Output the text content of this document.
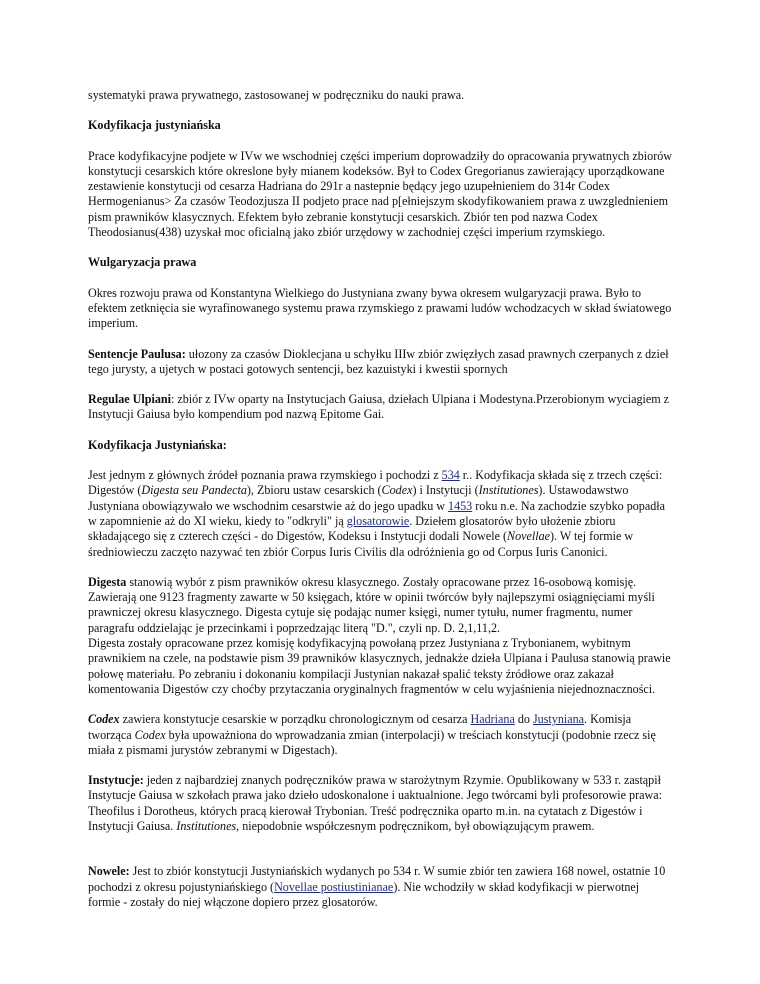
systematyki prawa prywatnego, zastosowanej w podręczniku do nauki prawa.

Kodyfikacja justyniańska

Prace kodyfikacyjne podjete w IVw we wschodniej części imperium doprowadziły do opracowania prywatnych zbiorów konstytucji cesarskich które okreslone były mianem kodeksów. Był to Codex Gregorianus zawierający uporządkowane zestawienie konstytucji od cesarza Hadriana do 291r a nastepnie będący jego uzupełnieniem do 314r Codex Hermogenianus> Za czasów Teodozjusza II podjeto prace nad p[ełniejszym skodyfikowaniem prawa z uwzglednieniem pism prawników klasycznych. Efektem było zebranie konstytucji cesarskich. Zbiór ten pod nazwa Codex Theodosianus(438) uzyskał moc oficialną jako zbiór urzędowy w zachodniej części imperium rzymskiego.

Wulgaryzacja prawa

Okres rozwoju prawa od Konstantyna Wielkiego do Justyniana zwany bywa okresem wulgaryzacji prawa. Było to efektem zetknięcia sie wyrafinowanego systemu prawa rzymskiego z prawami ludów wchodzacych w skład światowego imperium.

Sentencje Paulusa: ułozony za czasów Dioklecjana u schyłku IIIw zbiór zwięzłych zasad prawnych czerpanych z dzieł tego jurysty, a ujetych w postaci gotowych sentencji, bez kazuistyki i kwestii spornych

Regulae Ulpiani: zbiór z IVw oparty na Instytucjach Gaiusa, dziełach Ulpiana i Modestyna.Przerobionym wyciagiem z Instytucji Gaiusa było kompendium pod nazwą Epitome Gai.

Kodyfikacja Justyniańska:

Jest jednym z głównych źródeł poznania prawa rzymskiego i pochodzi z 534 r.. Kodyfikacja składa się z trzech części: Digestów (Digesta seu Pandecta), Zbioru ustaw cesarskich (Codex) i Instytucji (Institutiones). Ustawodawstwo Justyniana obowiązywało we wschodnim cesarstwie aż do jego upadku w 1453 roku n.e. Na zachodzie szybko popadła w zapomnienie aż do XI wieku, kiedy to "odkryli" ją glosatorowie. Dziełem glosatorów było ułożenie zbioru składającego się z czterech części - do Digestów, Kodeksu i Instytucji dodali Nowele (Novellae). W tej formie w średniowieczu zaczęto nazywać ten zbiór Corpus Iuris Civilis dla odróżnienia go od Corpus Iuris Canonici.

Digesta stanowią wybór z pism prawników okresu klasycznego. Zostały opracowane przez 16-osobową komisję. Zawierają one 9123 fragmenty zawarte w 50 księgach, które w opinii twórców były najlepszymi osiągnięciami myśli prawniczej okresu klasycznego. Digesta cytuje się podając numer księgi, numer tytułu, numer fragmentu, numer paragrafu oddzielając je przecinkami i poprzedzając literą "D.", czyli np. D. 2,1,11,2.

Digesta zostały opracowane przez komisję kodyfikacyjną powołaną przez Justyniana z Trybonianem, wybitnym prawnikiem na czele, na podstawie pism 39 prawników klasycznych, jednakże dzieła Ulpiana i Paulusa stanowią prawie połowę materiału. Po zebraniu i dokonaniu kompilacji Justynian nakazał spalić teksty źródłowe oraz zakazał komentowania Digestów czy choćby przytaczania oryginalnych fragmentów w celu wyjaśnienia niejednoznaczności.

Codex zawiera konstytucje cesarskie w porządku chronologicznym od cesarza Hadriana do Justyniana. Komisja tworząca Codex była upoważniona do wprowadzania zmian (interpolacji) w treściach konstytucji (podobnie rzecz się miała z pismami jurystów zebranymi w Digestach).

Instytucje: jeden z najbardziej znanych podręczników prawa w starożytnym Rzymie. Opublikowany w 533 r. zastąpił Instytucje Gaiusa w szkołach prawa jako dzieło udoskonalone i uaktualnione. Jego twórcami byli profesorowie prawa: Theofilus i Dorotheus, których pracą kierował Trybonian. Treść podręcznika oparto m.in. na cytatach z Digestów i Instytucji Gaiusa. Institutiones, niepodobnie współczesnym podręcznikom, był obowiązującym prawem.

Nowele: Jest to zbiór konstytucji Justyniańskich wydanych po 534 r. W sumie zbiór ten zawiera 168 nowel, ostatnie 10 pochodzi z okresu pojustyniańskiego (Novellae postiustinianae). Nie wchodziły w skład kodyfikacji w pierwotnej formie - zostały do niej włączone dopiero przez glosatorów.
